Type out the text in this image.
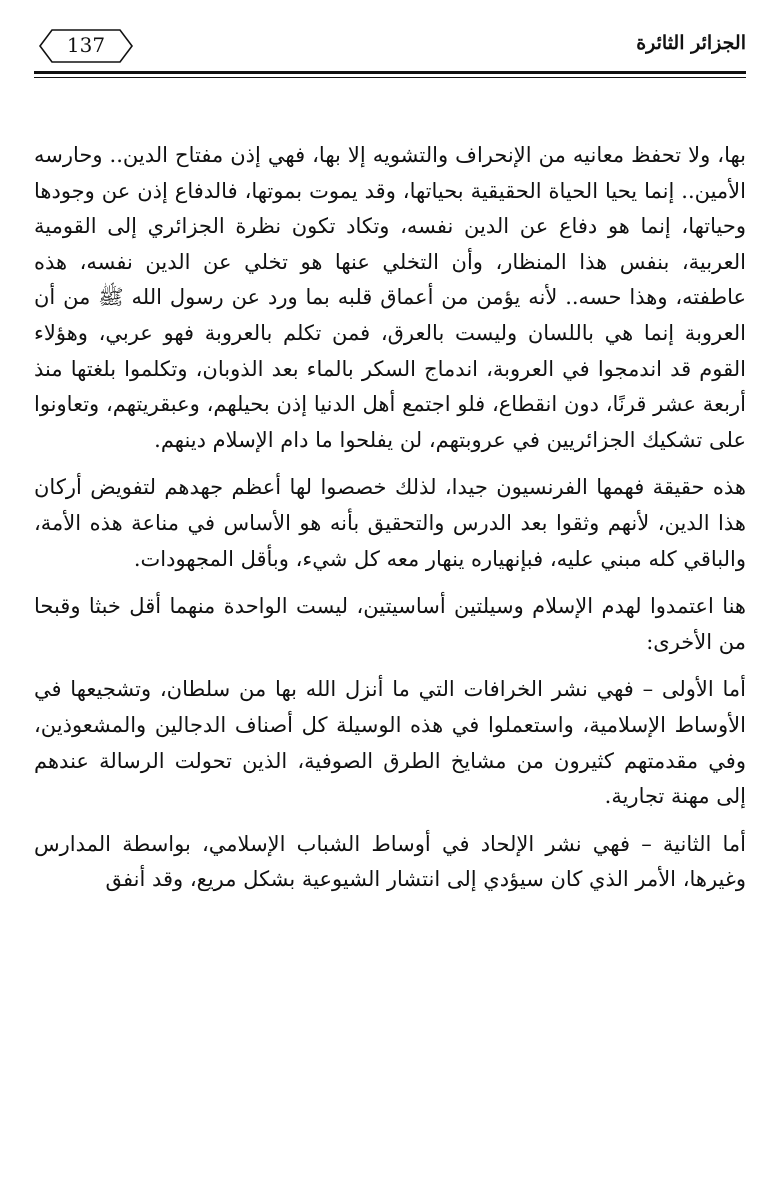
الجزائر الثائرة
137

بها، ولا تحفظ معانيه من الإنحراف والتشويه إلا بها، فهي إذن مفتاح الدين.. وحارسه الأمين.. إنما يحيا الحياة الحقيقية بحياتها، وقد يموت بموتها، فالدفاع إذن عن وجودها وحياتها، إنما هو دفاع عن الدين نفسه، وتكاد تكون نظرة الجزائري إلى القومية العربية، بنفس هذا المنظار، وأن التخلي عنها هو تخلي عن الدين نفسه، هذه عاطفته، وهذا حسه.. لأنه يؤمن من أعماق قلبه بما ورد عن رسول الله ﷺ من أن العروبة إنما هي باللسان وليست بالعرق، فمن تكلم بالعروبة فهو عربي، وهؤلاء القوم قد اندمجوا في العروبة، اندماج السكر بالماء بعد الذوبان، وتكلموا بلغتها منذ أربعة عشر قرنًا، دون انقطاع، فلو اجتمع أهل الدنيا إذن بحيلهم، وعبقريتهم، وتعاونوا على تشكيك الجزائريين في عروبتهم، لن يفلحوا ما دام الإسلام دينهم.

هذه حقيقة فهمها الفرنسيون جيدا، لذلك خصصوا لها أعظم جهدهم لتفويض أركان هذا الدين، لأنهم وثقوا بعد الدرس والتحقيق بأنه هو الأساس في مناعة هذه الأمة، والباقي كله مبني عليه، فبإنهياره ينهار معه كل شيء، وبأقل المجهودات.

هنا اعتمدوا لهدم الإسلام وسيلتين أساسيتين، ليست الواحدة منهما أقل خبثا وقبحا من الأخرى:

أما الأولى – فهي نشر الخرافات التي ما أنزل الله بها من سلطان، وتشجيعها في الأوساط الإسلامية، واستعملوا في هذه الوسيلة كل أصناف الدجالين والمشعوذين، وفي مقدمتهم كثيرون من مشايخ الطرق الصوفية، الذين تحولت الرسالة عندهم إلى مهنة تجارية.

أما الثانية – فهي نشر الإلحاد في أوساط الشباب الإسلامي، بواسطة المدارس وغيرها، الأمر الذي كان سيؤدي إلى انتشار الشيوعية بشكل مريع، وقد أنفق
